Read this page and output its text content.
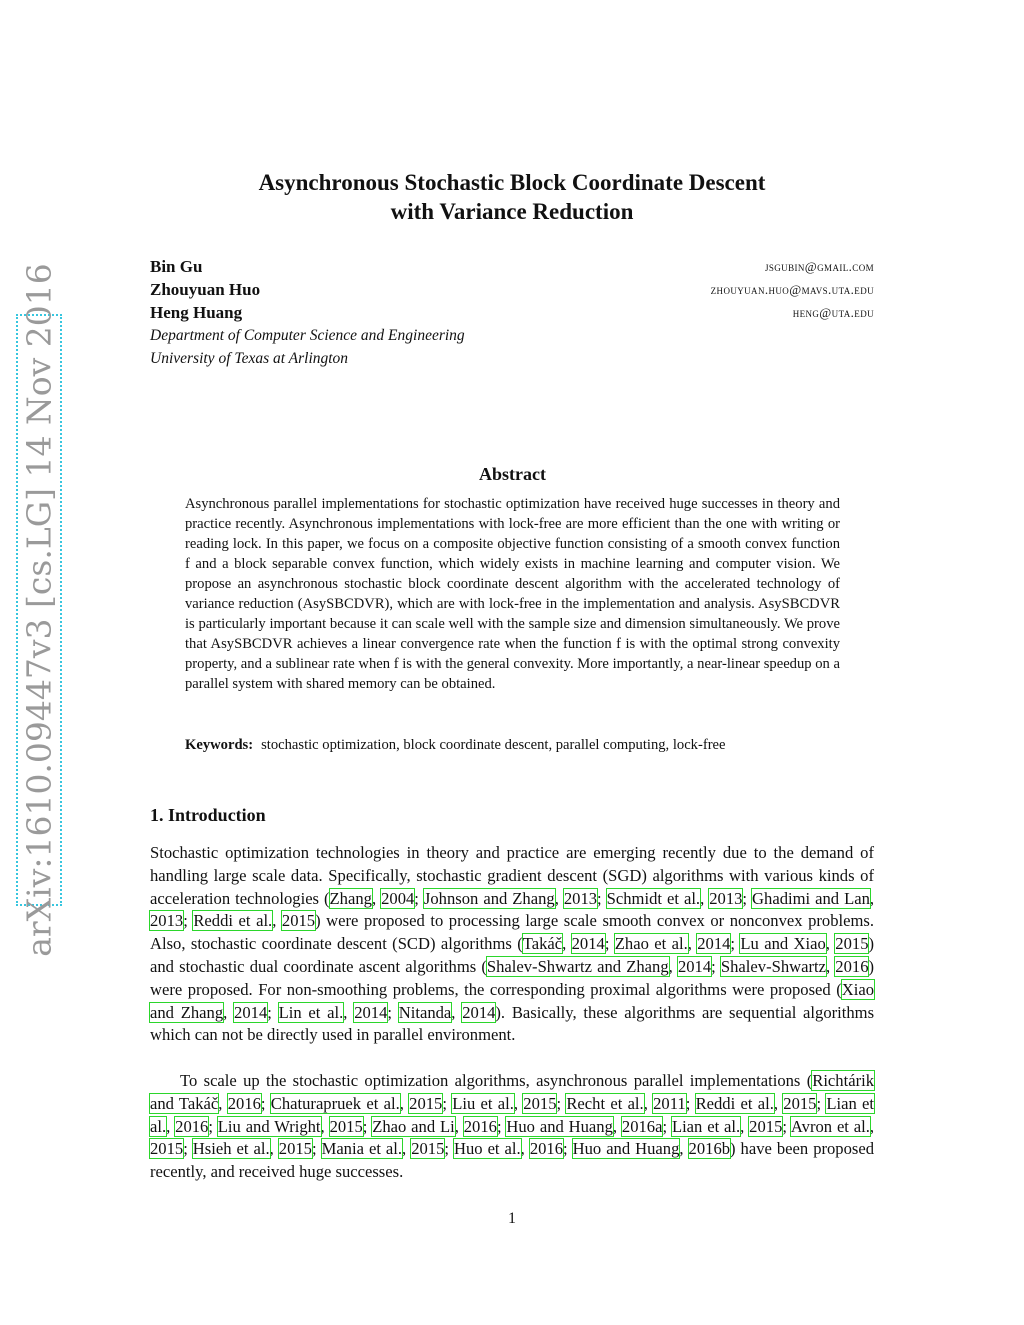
arXiv:1610.09447v3 [cs.LG] 14 Nov 2016
Asynchronous Stochastic Block Coordinate Descent
with Variance Reduction
Bin Gu	jsgubin@gmail.com
Zhouyuan Huo	zhouyuan.huo@mavs.uta.edu
Heng Huang	heng@uta.edu
Department of Computer Science and Engineering
University of Texas at Arlington
Abstract
Asynchronous parallel implementations for stochastic optimization have received huge successes in theory and practice recently. Asynchronous implementations with lock-free are more efficient than the one with writing or reading lock. In this paper, we focus on a composite objective function consisting of a smooth convex function f and a block separable convex function, which widely exists in machine learning and computer vision. We propose an asynchronous stochastic block coordinate descent algorithm with the accelerated technology of variance reduction (AsySBCDVR), which are with lock-free in the implementation and analysis. AsySBCDVR is particularly important because it can scale well with the sample size and dimension simultaneously. We prove that AsySBCDVR achieves a linear convergence rate when the function f is with the optimal strong convexity property, and a sublinear rate when f is with the general convexity. More importantly, a near-linear speedup on a parallel system with shared memory can be obtained.
Keywords: stochastic optimization, block coordinate descent, parallel computing, lock-free
1. Introduction
Stochastic optimization technologies in theory and practice are emerging recently due to the demand of handling large scale data. Specifically, stochastic gradient descent (SGD) algorithms with various kinds of acceleration technologies (Zhang, 2004; Johnson and Zhang, 2013; Schmidt et al., 2013; Ghadimi and Lan, 2013; Reddi et al., 2015) were proposed to processing large scale smooth convex or nonconvex problems. Also, stochastic coordinate descent (SCD) algorithms (Takáč, 2014; Zhao et al., 2014; Lu and Xiao, 2015) and stochastic dual coordinate ascent algorithms (Shalev-Shwartz and Zhang, 2014; Shalev-Shwartz, 2016) were proposed. For non-smoothing problems, the corresponding proximal algorithms were proposed (Xiao and Zhang, 2014; Lin et al., 2014; Nitanda, 2014). Basically, these algorithms are sequential algorithms which can not be directly used in parallel environment.
To scale up the stochastic optimization algorithms, asynchronous parallel implementations (Richtárik and Takáč, 2016; Chaturapruek et al., 2015; Liu et al., 2015; Recht et al., 2011; Reddi et al., 2015; Lian et al., 2016; Liu and Wright, 2015; Zhao and Li, 2016; Huo and Huang, 2016a; Lian et al., 2015; Avron et al., 2015; Hsieh et al., 2015; Mania et al., 2015; Huo et al., 2016; Huo and Huang, 2016b) have been proposed recently, and received huge successes.
1
